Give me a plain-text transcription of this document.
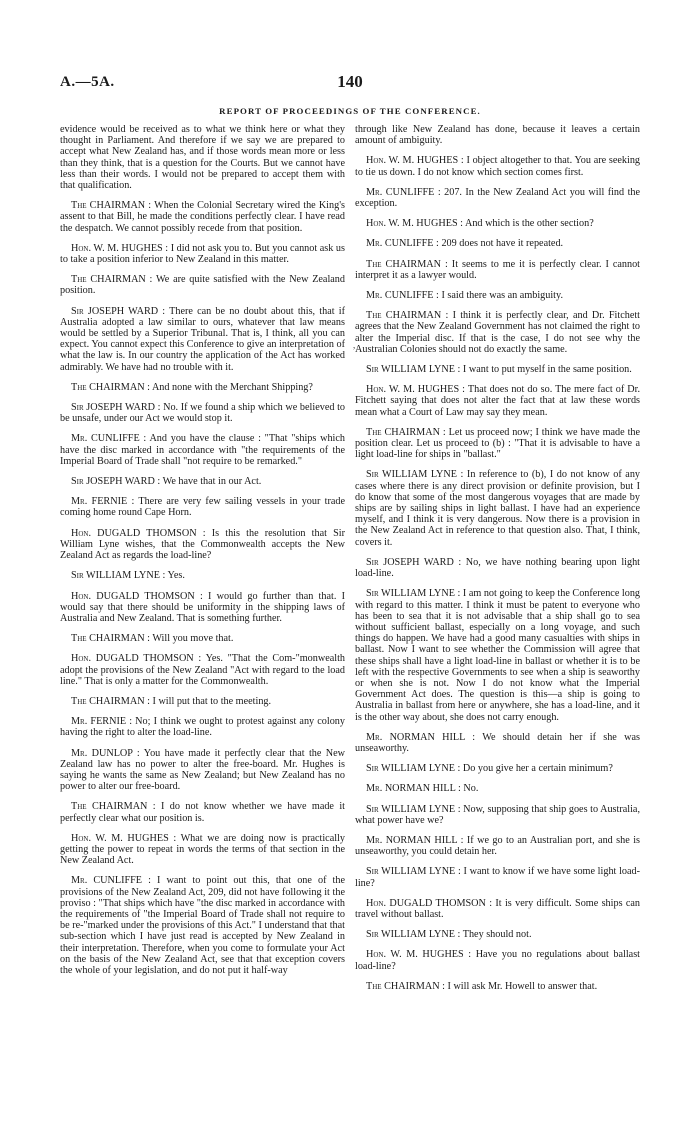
A.—5A.	140
REPORT OF PROCEEDINGS OF THE CONFERENCE.

evidence would be received as to what we think here or what they thought in Parliament. And therefore if we say we are prepared to accept what New Zealand has, and if those words mean more or less than they think, that is a question for the Courts. But we cannot have less than their words. I would not be prepared to accept them with that qualification.

The CHAIRMAN : When the Colonial Secretary wired the King's assent to that Bill, he made the conditions perfectly clear. I have read the despatch. We cannot possibly recede from that position.

Hon. W. M. HUGHES : I did not ask you to. But you cannot ask us to take a position inferior to New Zealand in this matter.

The CHAIRMAN : We are quite satisfied with the New Zealand position.

Sir JOSEPH WARD : There can be no doubt about this, that if Australia adopted a law similar to ours, whatever that law means would be settled by a Superior Tribunal. That is, I think, all you can expect. You cannot expect this Conference to give an interpretation of what the law is. In our country the application of the Act has worked admirably. We have had no trouble with it.

The CHAIRMAN : And none with the Merchant Shipping?

Sir JOSEPH WARD : No. If we found a ship which we believed to be unsafe, under our Act we would stop it.

Mr. CUNLIFFE : And you have the clause : "That "ships which have the disc marked in accordance with "the requirements of the Imperial Board of Trade shall "not require to be remarked."

Sir JOSEPH WARD : We have that in our Act.

Mr. FERNIE : There are very few sailing vessels in your trade coming home round Cape Horn.

Hon. DUGALD THOMSON : Is this the resolution that Sir William Lyne wishes, that the Commonwealth accepts the New Zealand Act as regards the load-line?

Sir WILLIAM LYNE : Yes.

Hon. DUGALD THOMSON : I would go further than that. I would say that there should be uniformity in the shipping laws of Australia and New Zealand. That is something further.

The CHAIRMAN : Will you move that.

Hon. DUGALD THOMSON : Yes. "That the Com-"monwealth adopt the provisions of the New Zealand "Act with regard to the load line." That is only a matter for the Commonwealth.

The CHAIRMAN : I will put that to the meeting.

Mr. FERNIE : No; I think we ought to protest against any colony having the right to alter the load-line.

Mr. DUNLOP : You have made it perfectly clear that the New Zealand law has no power to alter the free-board. Mr. Hughes is saying he wants the same as New Zealand; but New Zealand has no power to alter our free-board.

The CHAIRMAN : I do not know whether we have made it perfectly clear what our position is.

Hon. W. M. HUGHES : What we are doing now is practically getting the power to repeat in words the terms of that section in the New Zealand Act.

Mr. CUNLIFFE : I want to point out this, that one of the provisions of the New Zealand Act, 209, did not have following it the proviso : "That ships which have "the disc marked in accordance with the requirements of "the Imperial Board of Trade shall not require to be re-"marked under the provisions of this Act." I understand that that sub-section which I have just read is accepted by New Zealand in their interpretation. Therefore, when you come to formulate your Act on the basis of the New Zealand Act, see that that exception covers the whole of your legislation, and do not put it half-way

through like New Zealand has done, because it leaves a certain amount of ambiguity.

Hon. W. M. HUGHES : I object altogether to that. You are seeking to tie us down. I do not know which section comes first.

Mr. CUNLIFFE : 207. In the New Zealand Act you will find the exception.

Hon. W. M. HUGHES : And which is the other section?

Mr. CUNLIFFE : 209 does not have it repeated.

The CHAIRMAN : It seems to me it is perfectly clear. I cannot interpret it as a lawyer would.

Mr. CUNLIFFE : I said there was an ambiguity.

The CHAIRMAN : I think it is perfectly clear, and Dr. Fitchett agrees that the New Zealand Government has not claimed the right to alter the Imperial disc. If that is the case, I do not see why the Australian Colonies should not do exactly the same.

Sir WILLIAM LYNE : I want to put myself in the same position.

Hon. W. M. HUGHES : That does not do so. The mere fact of Dr. Fitchett saying that does not alter the fact that at law these words mean what a Court of Law may say they mean.

The CHAIRMAN : Let us proceed now; I think we have made the position clear. Let us proceed to (b) : "That it is advisable to have a light load-line for ships in "ballast."

Sir WILLIAM LYNE : In reference to (b), I do not know of any cases where there is any direct provision or definite provision, but I do know that some of the most dangerous voyages that are made by ships are by sailing ships in light ballast. I have had an experience myself, and I think it is very dangerous. Now there is a provision in the New Zealand Act in reference to that question also. That, I think, covers it.

Sir JOSEPH WARD : No, we have nothing bearing upon light load-line.

Sir WILLIAM LYNE : I am not going to keep the Conference long with regard to this matter. I think it must be patent to everyone who has been to sea that it is not advisable that a ship shall go to sea without sufficient ballast, especially on a long voyage, and such things do happen. We have had a good many casualties with ships in ballast. Now I want to see whether the Commission will agree that these ships shall have a light load-line in ballast or whether it is to be left with the respective Governments to see when a ship is seaworthy or when she is not. Now I do not know what the Imperial Government Act does. The question is this—a ship is going to Australia in ballast from here or anywhere, she has a load-line, and it is the other way about, she does not carry enough.

Mr. NORMAN HILL : We should detain her if she was unseaworthy.

Sir WILLIAM LYNE : Do you give her a certain minimum?

Mr. NORMAN HILL : No.

Sir WILLIAM LYNE : Now, supposing that ship goes to Australia, what power have we?

Mr. NORMAN HILL : If we go to an Australian port, and she is unseaworthy, you could detain her.

Sir WILLIAM LYNE : I want to know if we have some light load-line?

Hon. DUGALD THOMSON : It is very difficult. Some ships can travel without ballast.

Sir WILLIAM LYNE : They should not.

Hon. W. M. HUGHES : Have you no regulations about ballast load-line?

The CHAIRMAN : I will ask Mr. Howell to answer that.

,
